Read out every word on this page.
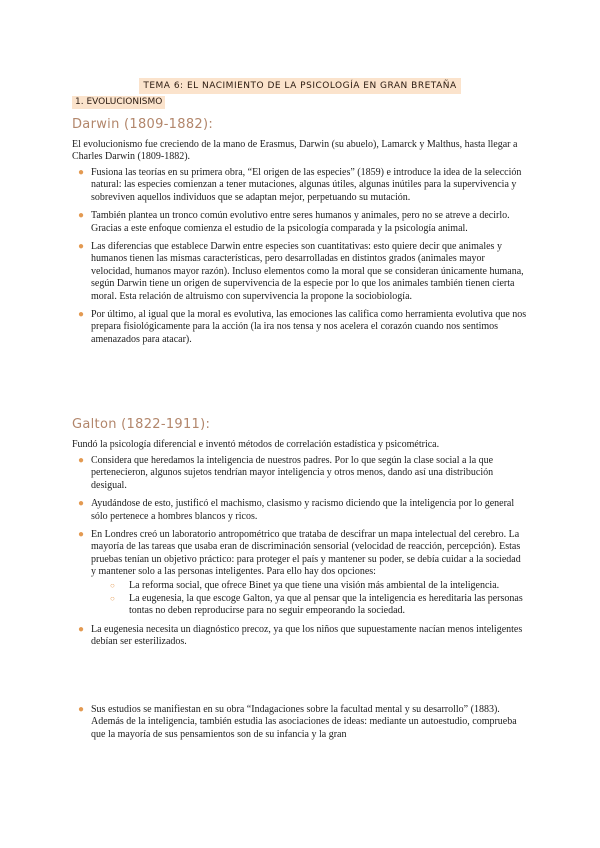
TEMA 6: EL NACIMIENTO DE LA PSICOLOGÍA EN GRAN BRETAÑA
1. EVOLUCIONISMO
Darwin (1809-1882):
El evolucionismo fue creciendo de la mano de Erasmus, Darwin (su abuelo), Lamarck y Malthus, hasta llegar a Charles Darwin (1809-1882).
● Fusiona las teorías en su primera obra, “El origen de las especies” (1859) e introduce la idea de la selección natural: las especies comienzan a tener mutaciones, algunas útiles, algunas inútiles para la supervivencia y sobreviven aquellos individuos que se adaptan mejor, perpetuando su mutación.
● También plantea un tronco común evolutivo entre seres humanos y animales, pero no se atreve a decirlo. Gracias a este enfoque comienza el estudio de la psicología comparada y la psicología animal.
● Las diferencias que establece Darwin entre especies son cuantitativas: esto quiere decir que animales y humanos tienen las mismas características, pero desarrolladas en distintos grados (animales mayor velocidad, humanos mayor razón). Incluso elementos como la moral que se consideran únicamente humana, según Darwin tiene un origen de supervivencia de la especie por lo que los animales también tienen cierta moral. Esta relación de altruismo con supervivencia la propone la sociobiología.
● Por último, al igual que la moral es evolutiva, las emociones las califica como herramienta evolutiva que nos prepara fisiológicamente para la acción (la ira nos tensa y nos acelera el corazón cuando nos sentimos amenazados para atacar).
Galton (1822-1911):
Fundó la psicología diferencial e inventó métodos de correlación estadística y psicométrica.
● Considera que heredamos la inteligencia de nuestros padres. Por lo que según la clase social a la que pertenecieron, algunos sujetos tendrían mayor inteligencia y otros menos, dando así una distribución desigual.
● Ayudándose de esto, justificó el machismo, clasismo y racismo diciendo que la inteligencia por lo general sólo pertenece a hombres blancos y ricos.
● En Londres creó un laboratorio antropométrico que trataba de descifrar un mapa intelectual del cerebro. La mayoría de las tareas que usaba eran de discriminación sensorial (velocidad de reacción, percepción). Estas pruebas tenían un objetivo práctico: para proteger el país y mantener su poder, se debía cuidar a la sociedad y mantener solo a las personas inteligentes. Para ello hay dos opciones:
○ La reforma social, que ofrece Binet ya que tiene una visión más ambiental de la inteligencia.
○ La eugenesia, la que escoge Galton, ya que al pensar que la inteligencia es hereditaria las personas tontas no deben reproducirse para no seguir empeorando la sociedad.
● La eugenesia necesita un diagnóstico precoz, ya que los niños que supuestamente nacían menos inteligentes debían ser esterilizados.
● Sus estudios se manifiestan en su obra “Indagaciones sobre la facultad mental y su desarrollo” (1883). Además de la inteligencia, también estudia las asociaciones de ideas: mediante un autoestudio, comprueba que la mayoría de sus pensamientos son de su infancia y la gran
